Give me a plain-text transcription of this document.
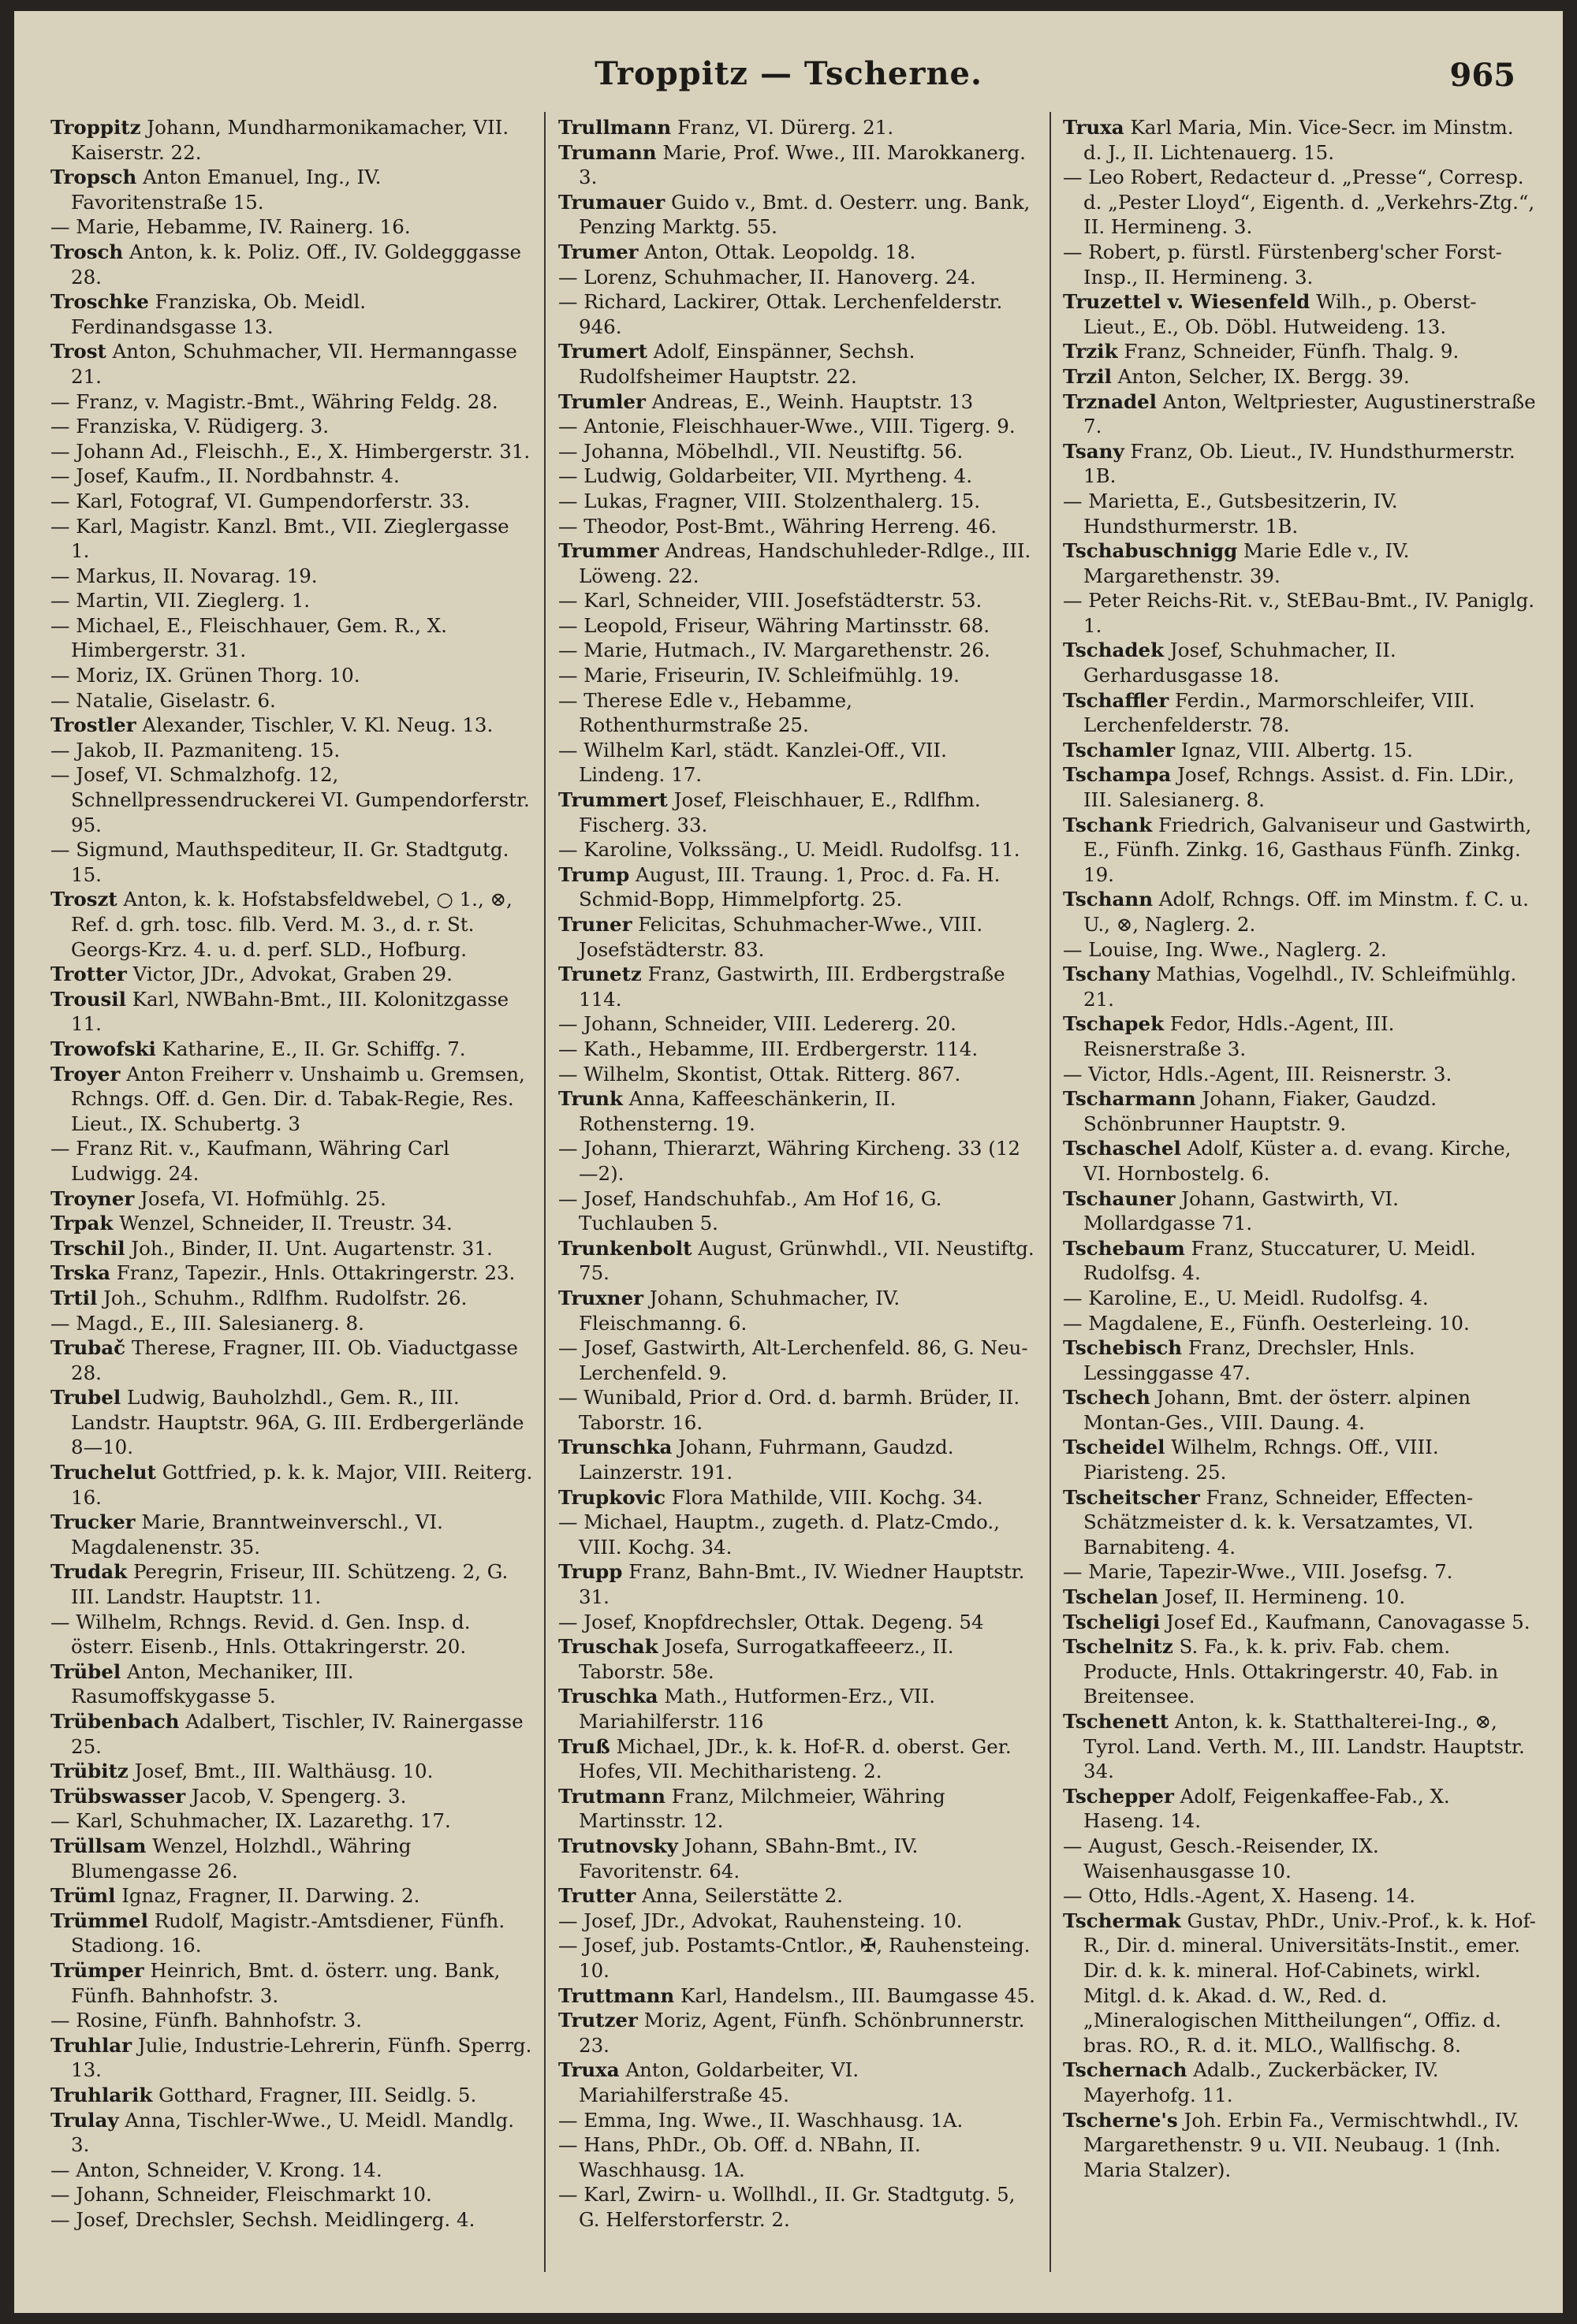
Troppitz — Tscherne.	965
Troppitz Johann, Mundharmonikamacher, VII. Kaiserstr. 22.
Tropsch Anton Emanuel, Ing., IV. Favoritenstraße 15.
— Marie, Hebamme, IV. Rainerg. 16.
Trosch Anton, k. k. Poliz. Off., IV. Goldegggasse 28.
Troschke Franziska, Ob. Meidl. Ferdinandsgasse 13.
Trost Anton, Schuhmacher, VII. Hermanngasse 21.
— Franz, v. Magistr.-Bmt., Währing Feldg. 28.
— Franziska, V. Rüdigerg. 3.
— Johann Ad., Fleischh., E., X. Himbergerstr. 31.
— Josef, Kaufm., II. Nordbahnstr. 4.
— Karl, Fotograf, VI. Gumpendorferstr. 33.
— Karl, Magistr. Kanzl. Bmt., VII. Zieglergasse 1.
— Markus, II. Novarag. 19.
— Martin, VII. Zieglerg. 1.
— Michael, E., Fleischhauer, Gem. R., X. Himbergerstr. 31.
— Moriz, IX. Grünen Thorg. 10.
— Natalie, Giselastr. 6.
Trostler Alexander, Tischler, V. Kl. Neug. 13.
— Jakob, II. Pazmaniteng. 15.
— Josef, VI. Schmalzhofg. 12, Schnellpressendruckerei VI. Gumpendorferstr. 95.
— Sigmund, Mauthspediteur, II. Gr. Stadtgutg. 15.
Troszt Anton, k. k. Hofstabsfeldwebel, ○ 1., ⊗, Ref. d. grh. tosc. filb. Verd. M. 3., d. r. St. Georgs-Krz. 4. u. d. perf. SLD., Hofburg.
Trotter Victor, JDr., Advokat, Graben 29.
Trousil Karl, NWBahn-Bmt., III. Kolonitzgasse 11.
Trowofski Katharine, E., II. Gr. Schiffg. 7.
Troyer Anton Freiherr v. Unshaimb u. Gremsen, Rchngs. Off. d. Gen. Dir. d. Tabak-Regie, Res. Lieut., IX. Schubertg. 3
— Franz Rit. v., Kaufmann, Währing Carl Ludwigg. 24.
Troyner Josefa, VI. Hofmühlg. 25.
Trpak Wenzel, Schneider, II. Treustr. 34.
Trschil Joh., Binder, II. Unt. Augartenstr. 31.
Trska Franz, Tapezir., Hnls. Ottakringerstr. 23.
Trtil Joh., Schuhm., Rdlfhm. Rudolfstr. 26.
— Magd., E., III. Salesianerg. 8.
Trubač Therese, Fragner, III. Ob. Viaductgasse 28.
Trubel Ludwig, Bauholzhdl., Gem. R., III. Landstr. Hauptstr. 96A, G. III. Erdbergerlände 8—10.
Truchelut Gottfried, p. k. k. Major, VIII. Reiterg. 16.
Trucker Marie, Branntweinverschl., VI. Magdalenenstr. 35.
Trudak Peregrin, Friseur, III. Schützeng. 2, G. III. Landstr. Hauptstr. 11.
— Wilhelm, Rchngs. Revid. d. Gen. Insp. d. österr. Eisenb., Hnls. Ottakringerstr. 20.
Trübel Anton, Mechaniker, III. Rasumoffskygasse 5.
Trübenbach Adalbert, Tischler, IV. Rainergasse 25.
Trübitz Josef, Bmt., III. Walthäusg. 10.
Trübswasser Jacob, V. Spengerg. 3.
— Karl, Schuhmacher, IX. Lazarethg. 17.
Trüllsam Wenzel, Holzhdl., Währing Blumengasse 26.
Trüml Ignaz, Fragner, II. Darwing. 2.
Trümmel Rudolf, Magistr.-Amtsdiener, Fünfh. Stadiong. 16.
Trümper Heinrich, Bmt. d. österr. ung. Bank, Fünfh. Bahnhofstr. 3.
— Rosine, Fünfh. Bahnhofstr. 3.
Truhlar Julie, Industrie-Lehrerin, Fünfh. Sperrg. 13.
Truhlarik Gotthard, Fragner, III. Seidlg. 5.
Trulay Anna, Tischler-Wwe., U. Meidl. Mandlg. 3.
— Anton, Schneider, V. Krong. 14.
— Johann, Schneider, Fleischmarkt 10.
— Josef, Drechsler, Sechsh. Meidlingerg. 4.
Trullmann Franz, VI. Dürerg. 21.
Trumann Marie, Prof. Wwe., III. Marokkanerg. 3.
Trumauer Guido v., Bmt. d. Oesterr. ung. Bank, Penzing Marktg. 55.
Trumer Anton, Ottak. Leopoldg. 18.
— Lorenz, Schuhmacher, II. Hanoverg. 24.
— Richard, Lackirer, Ottak. Lerchenfelderstr. 946.
Trumert Adolf, Einspänner, Sechsh. Rudolfsheimer Hauptstr. 22.
Trumler Andreas, E., Weinh. Hauptstr. 13
— Antonie, Fleischhauer-Wwe., VIII. Tigerg. 9.
— Johanna, Möbelhdl., VII. Neustiftg. 56.
— Ludwig, Goldarbeiter, VII. Myrtheng. 4.
— Lukas, Fragner, VIII. Stolzenthalerg. 15.
— Theodor, Post-Bmt., Währing Herreng. 46.
Trummer Andreas, Handschuhleder-Rdlge., III. Löweng. 22.
— Karl, Schneider, VIII. Josefstädterstr. 53.
— Leopold, Friseur, Währing Martinsstr. 68.
— Marie, Hutmach., IV. Margarethenstr. 26.
— Marie, Friseurin, IV. Schleifmühlg. 19.
— Therese Edle v., Hebamme, Rothenthurmstraße 25.
— Wilhelm Karl, städt. Kanzlei-Off., VII. Lindeng. 17.
Trummert Josef, Fleischhauer, E., Rdlfhm. Fischerg. 33.
— Karoline, Volkssäng., U. Meidl. Rudolfsg. 11.
Trump August, III. Traung. 1, Proc. d. Fa. H. Schmid-Bopp, Himmelpfortg. 25.
Truner Felicitas, Schuhmacher-Wwe., VIII. Josefstädterstr. 83.
Trunetz Franz, Gastwirth, III. Erdbergstraße 114.
— Johann, Schneider, VIII. Ledererg. 20.
— Kath., Hebamme, III. Erdbergerstr. 114.
— Wilhelm, Skontist, Ottak. Ritterg. 867.
Trunk Anna, Kaffeeschänkerin, II. Rothensterng. 19.
— Johann, Thierarzt, Währing Kircheng. 33 (12—2).
— Josef, Handschuhfab., Am Hof 16, G. Tuchlauben 5.
Trunkenbolt August, Grünwhdl., VII. Neustiftg. 75.
Truxner Johann, Schuhmacher, IV. Fleischmanng. 6.
— Josef, Gastwirth, Alt-Lerchenfeld. 86, G. Neu-Lerchenfeld. 9.
— Wunibald, Prior d. Ord. d. barmh. Brüder, II. Taborstr. 16.
Trunschka Johann, Fuhrmann, Gaudzd. Lainzerstr. 191.
Trupkovic Flora Mathilde, VIII. Kochg. 34.
— Michael, Hauptm., zugeth. d. Platz-Cmdo., VIII. Kochg. 34.
Trupp Franz, Bahn-Bmt., IV. Wiedner Hauptstr. 31.
— Josef, Knopfdrechsler, Ottak. Degeng. 54
Truschak Josefa, Surrogatkaffeeerz., II. Taborstr. 58e.
Truschka Math., Hutformen-Erz., VII. Mariahilferstr. 116
Truß Michael, JDr., k. k. Hof-R. d. oberst. Ger. Hofes, VII. Mechitharisteng. 2.
Trutmann Franz, Milchmeier, Währing Martinsstr. 12.
Trutnovsky Johann, SBahn-Bmt., IV. Favoritenstr. 64.
Trutter Anna, Seilerstätte 2.
— Josef, JDr., Advokat, Rauhensteing. 10.
— Josef, jub. Postamts-Cntlor., ✠, Rauhensteing. 10.
Truttmann Karl, Handelsm., III. Baumgasse 45.
Trutzer Moriz, Agent, Fünfh. Schönbrunnerstr. 23.
Truxa Anton, Goldarbeiter, VI. Mariahilferstraße 45.
— Emma, Ing. Wwe., II. Waschhausg. 1A.
— Hans, PhDr., Ob. Off. d. NBahn, II. Waschhausg. 1A.
— Karl, Zwirn- u. Wollhdl., II. Gr. Stadtgutg. 5, G. Helferstorferstr. 2.
Truxa Karl Maria, Min. Vice-Secr. im Minstm. d. J., II. Lichtenauerg. 15.
— Leo Robert, Redacteur d. „Presse“, Corresp. d. „Pester Lloyd“, Eigenth. d. „Verkehrs-Ztg.“, II. Hermineng. 3.
— Robert, p. fürstl. Fürstenberg'scher Forst-Insp., II. Hermineng. 3.
Truzettel v. Wiesenfeld Wilh., p. Oberst-Lieut., E., Ob. Döbl. Hutweideng. 13.
Trzik Franz, Schneider, Fünfh. Thalg. 9.
Trzil Anton, Selcher, IX. Bergg. 39.
Trznadel Anton, Weltpriester, Augustinerstraße 7.
Tsany Franz, Ob. Lieut., IV. Hundsthurmerstr. 1B.
— Marietta, E., Gutsbesitzerin, IV. Hundsthurmerstr. 1B.
Tschabuschnigg Marie Edle v., IV. Margarethenstr. 39.
— Peter Reichs-Rit. v., StEBau-Bmt., IV. Paniglg. 1.
Tschadek Josef, Schuhmacher, II. Gerhardusgasse 18.
Tschaffler Ferdin., Marmorschleifer, VIII. Lerchenfelderstr. 78.
Tschamler Ignaz, VIII. Albertg. 15.
Tschampa Josef, Rchngs. Assist. d. Fin. LDir., III. Salesianerg. 8.
Tschank Friedrich, Galvaniseur und Gastwirth, E., Fünfh. Zinkg. 16, Gasthaus Fünfh. Zinkg. 19.
Tschann Adolf, Rchngs. Off. im Minstm. f. C. u. U., ⊗, Naglerg. 2.
— Louise, Ing. Wwe., Naglerg. 2.
Tschany Mathias, Vogelhdl., IV. Schleifmühlg. 21.
Tschapek Fedor, Hdls.-Agent, III. Reisnerstraße 3.
— Victor, Hdls.-Agent, III. Reisnerstr. 3.
Tscharmann Johann, Fiaker, Gaudzd. Schönbrunner Hauptstr. 9.
Tschaschel Adolf, Küster a. d. evang. Kirche, VI. Hornbostelg. 6.
Tschauner Johann, Gastwirth, VI. Mollardgasse 71.
Tschebaum Franz, Stuccaturer, U. Meidl. Rudolfsg. 4.
— Karoline, E., U. Meidl. Rudolfsg. 4.
— Magdalene, E., Fünfh. Oesterleing. 10.
Tschebisch Franz, Drechsler, Hnls. Lessinggasse 47.
Tschech Johann, Bmt. der österr. alpinen Montan-Ges., VIII. Daung. 4.
Tscheidel Wilhelm, Rchngs. Off., VIII. Piaristeng. 25.
Tscheitscher Franz, Schneider, Effecten-Schätzmeister d. k. k. Versatzamtes, VI. Barnabiteng. 4.
— Marie, Tapezir-Wwe., VIII. Josefsg. 7.
Tschelan Josef, II. Hermineng. 10.
Tscheligi Josef Ed., Kaufmann, Canovagasse 5.
Tschelnitz S. Fa., k. k. priv. Fab. chem. Producte, Hnls. Ottakringerstr. 40, Fab. in Breitensee.
Tschenett Anton, k. k. Statthalterei-Ing., ⊗, Tyrol. Land. Verth. M., III. Landstr. Hauptstr. 34.
Tschepper Adolf, Feigenkaffee-Fab., X. Haseng. 14.
— August, Gesch.-Reisender, IX. Waisenhausgasse 10.
— Otto, Hdls.-Agent, X. Haseng. 14.
Tschermak Gustav, PhDr., Univ.-Prof., k. k. Hof-R., Dir. d. mineral. Universitäts-Instit., emer. Dir. d. k. k. mineral. Hof-Cabinets, wirkl. Mitgl. d. k. Akad. d. W., Red. d. „Mineralogischen Mittheilungen“, Offiz. d. bras. RO., R. d. it. MLO., Wallfischg. 8.
Tschernach Adalb., Zuckerbäcker, IV. Mayerhofg. 11.
Tscherne's Joh. Erbin Fa., Vermischtwhdl., IV. Margarethenstr. 9 u. VII. Neubaug. 1 (Inh. Maria Stalzer).
